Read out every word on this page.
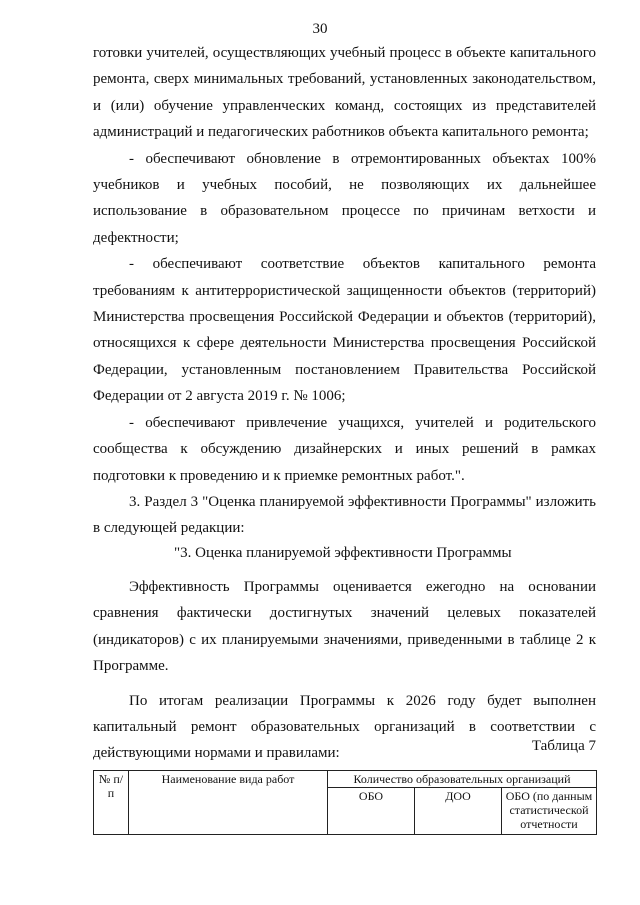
30

готовки учителей, осуществляющих учебный процесс в объекте капитального ремонта, сверх минимальных требований, установленных законодательством, и (или) обучение управленческих команд, состоящих из представителей администраций и педагогических работников объекта капитального ремонта;

- обеспечивают обновление в отремонтированных объектах 100% учебников и учебных пособий, не позволяющих их дальнейшее использование в образовательном процессе по причинам ветхости и дефектности;

- обеспечивают соответствие объектов капитального ремонта требованиям к антитеррористической защищенности объектов (территорий) Министерства просвещения Российской Федерации и объектов (территорий), относящихся к сфере деятельности Министерства просвещения Российской Федерации, установленным постановлением Правительства Российской Федерации от 2 августа 2019 г. № 1006;

- обеспечивают привлечение учащихся, учителей и родительского сообщества к обсуждению дизайнерских и иных решений в рамках подготовки к проведению и к приемке ремонтных работ.".

3. Раздел 3 "Оценка планируемой эффективности Программы" изложить в следующей редакции:

"3. Оценка планируемой эффективности Программы

Эффективность Программы оценивается ежегодно на основании сравнения фактически достигнутых значений целевых показателей (индикаторов) с их планируемыми значениями, приведенными в таблице 2 к Программе.

По итогам реализации Программы к 2026 году будет выполнен капитальный ремонт образовательных организаций в соответствии с действующими нормами и правилами:	Таблица 7
№ п/п	Наименование вида работ	Количество образовательных организаций		
		ОБО	ДОО	ОБО (по данным статистической отчетности
